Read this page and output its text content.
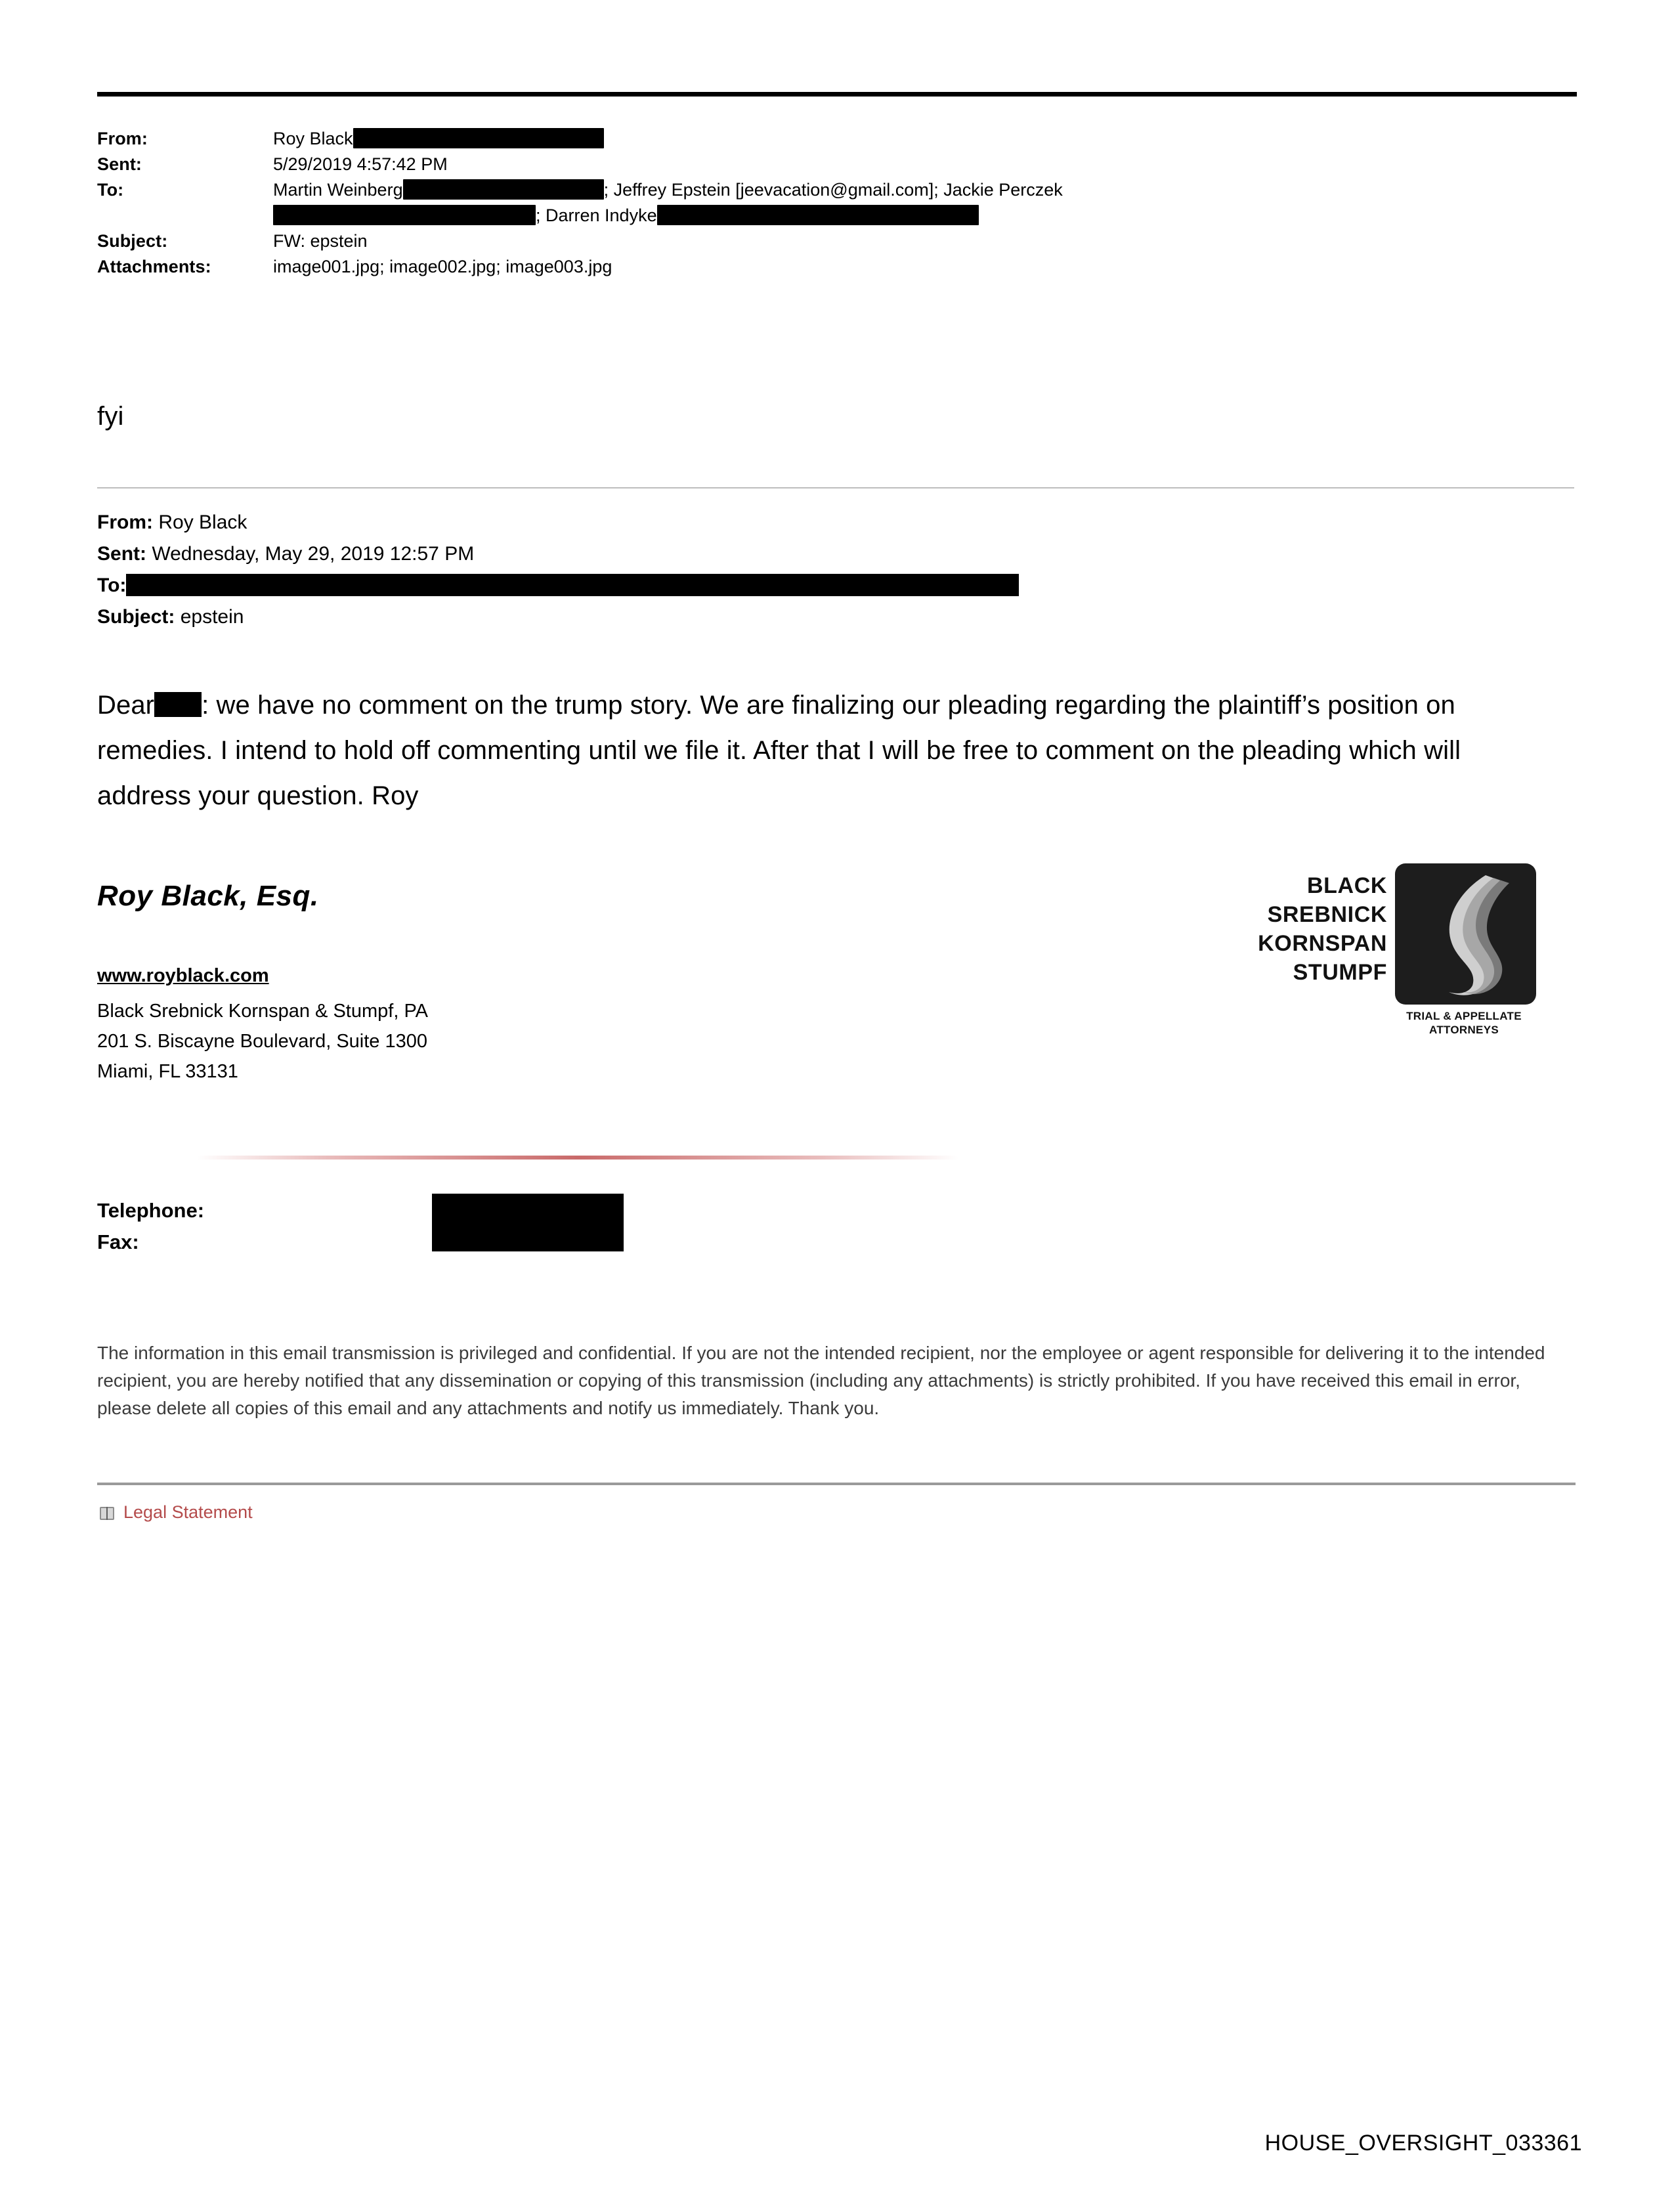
From:	Roy Black
Sent:	5/29/2019 4:57:42 PM
To:	Martin Weinberg	; Jeffrey Epstein [jeevacation@gmail.com]; Jackie Perczek
; Darren Indyke
Subject:	FW: epstein
Attachments:	image001.jpg; image002.jpg; image003.jpg
fyi
From: Roy Black
Sent: Wednesday, May 29, 2019 12:57 PM
To:
Subject: epstein
Dear : we have no comment on the trump story. We are finalizing our pleading regarding the plaintiff’s position on remedies. I intend to hold off commenting until we file it. After that I will be free to comment on the pleading which will address your question. Roy
Roy Black, Esq.
www.royblack.com
Black Srebnick Kornspan & Stumpf, PA
201 S. Biscayne Boulevard, Suite 1300
Miami, FL 33131
BLACK
SREBNICK
KORNSPAN
STUMPF
TRIAL & APPELLATE
ATTORNEYS
Telephone:
Fax:
The information in this email transmission is privileged and confidential. If you are not the intended recipient, nor the employee or agent responsible for delivering it to the intended recipient, you are hereby notified that any dissemination or copying of this transmission (including any attachments) is strictly prohibited. If you have received this email in error, please delete all copies of this email and any attachments and notify us immediately. Thank you.
Legal Statement
HOUSE_OVERSIGHT_033361
